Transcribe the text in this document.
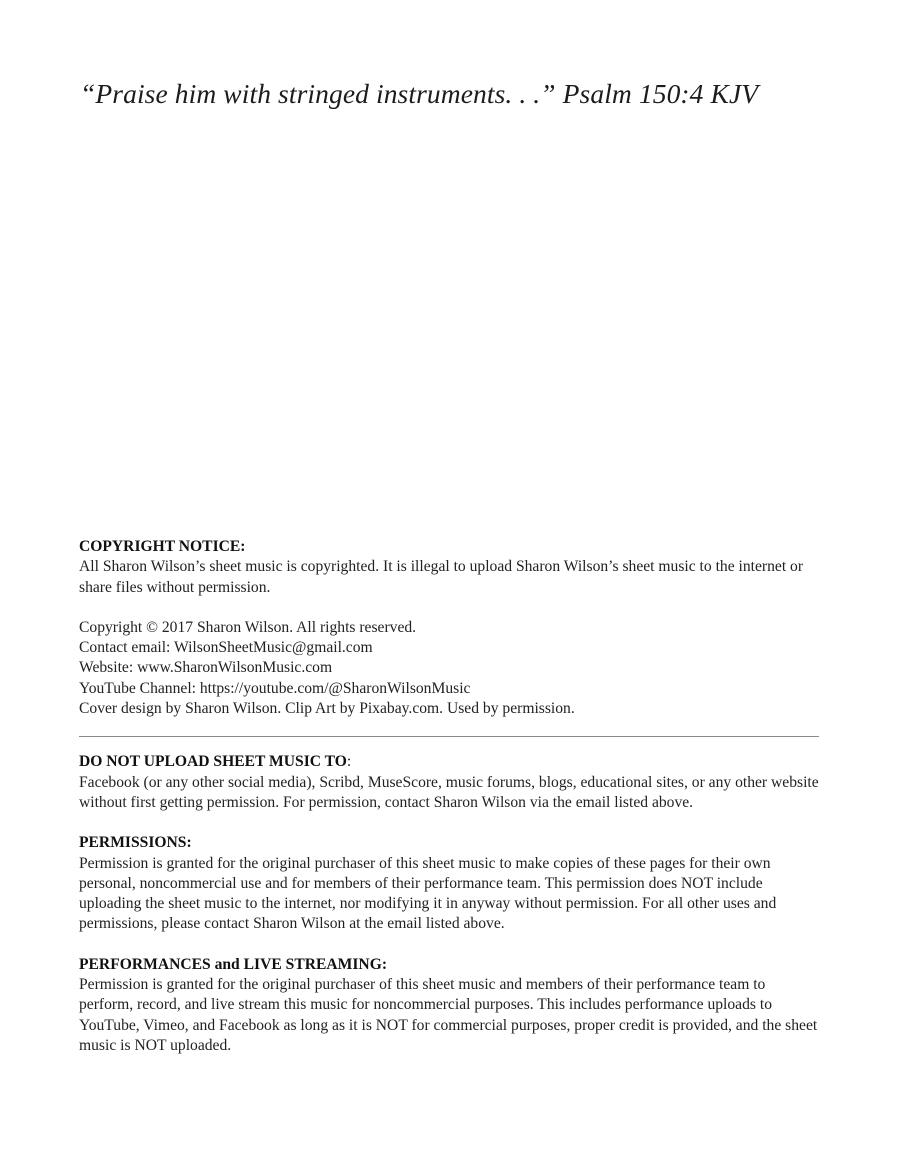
“Praise him with stringed instruments. . .” Psalm 150:4 KJV
COPYRIGHT NOTICE:

All Sharon Wilson’s sheet music is copyrighted. It is illegal to upload Sharon Wilson’s sheet music to the internet or share files without permission.

Copyright © 2017 Sharon Wilson. All rights reserved.
Contact email: WilsonSheetMusic@gmail.com
Website: www.SharonWilsonMusic.com
YouTube Channel: https://youtube.com/@SharonWilsonMusic
Cover design by Sharon Wilson. Clip Art by Pixabay.com. Used by permission.
DO NOT UPLOAD SHEET MUSIC TO:

Facebook (or any other social media), Scribd, MuseScore, music forums, blogs, educational sites, or any other website without first getting permission. For permission, contact Sharon Wilson via the email listed above.

PERMISSIONS:

Permission is granted for the original purchaser of this sheet music to make copies of these pages for their own personal, noncommercial use and for members of their performance team. This permission does NOT include uploading the sheet music to the internet, nor modifying it in anyway without permission. For all other uses and permissions, please contact Sharon Wilson at the email listed above.

PERFORMANCES and LIVE STREAMING:

Permission is granted for the original purchaser of this sheet music and members of their performance team to perform, record, and live stream this music for noncommercial purposes. This includes performance uploads to YouTube, Vimeo, and Facebook as long as it is NOT for commercial purposes, proper credit is provided, and the sheet music is NOT uploaded.
